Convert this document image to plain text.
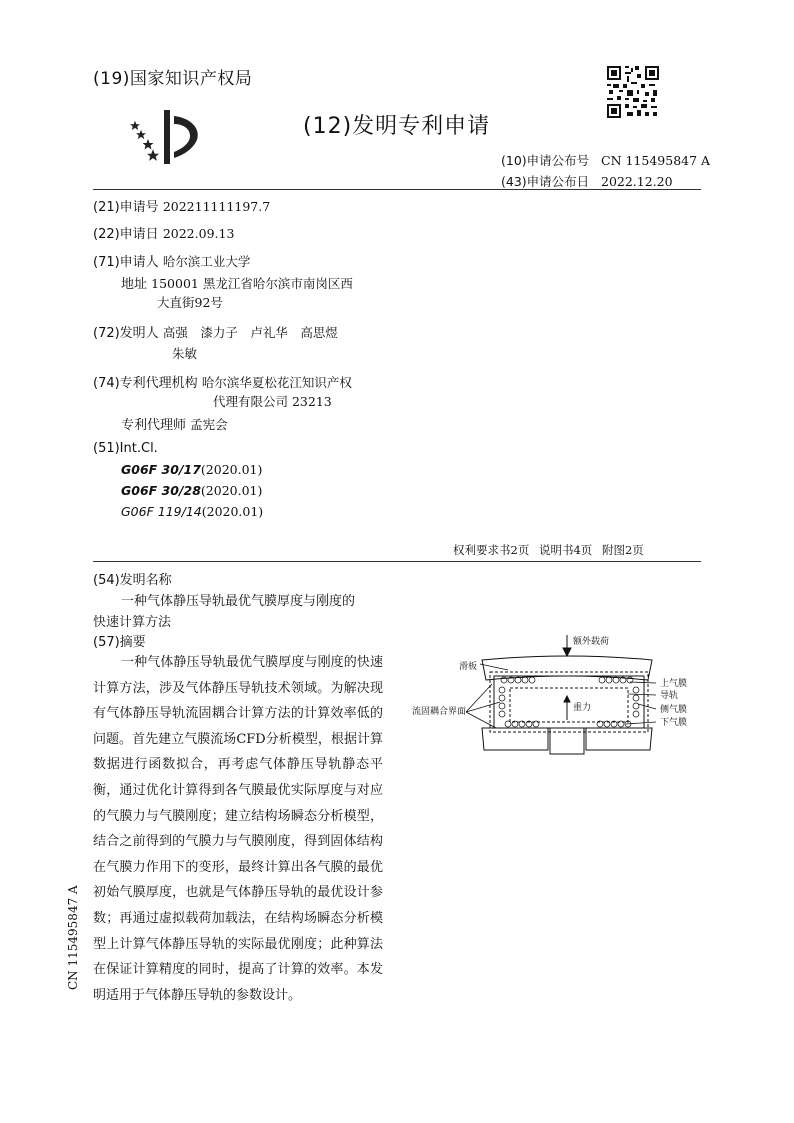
(19)国家知识产权局
(12)发明专利申请
(10)申请公布号 CN 115495847 A
(43)申请公布日 2022.12.20
(21)申请号 202211111197.7
(22)申请日 2022.09.13
(71)申请人 哈尔滨工业大学
地址 150001 黑龙江省哈尔滨市南岗区西
大直街92号
(72)发明人 高强　漆力子　卢礼华　高思煜
朱敏
(74)专利代理机构 哈尔滨华夏松花江知识产权
代理有限公司 23213
专利代理师 孟宪会
(51)Int.Cl.
G06F 30/17(2020.01)
G06F 30/28(2020.01)
G06F 119/14(2020.01)
权利要求书2页 说明书4页 附图2页
(54)发明名称
一种气体静压导轨最优气膜厚度与刚度的
快速计算方法
(57)摘要
一种气体静压导轨最优气膜厚度与刚度的快速计算方法，涉及气体静压导轨技术领域。为解决现有气体静压导轨流固耦合计算方法的计算效率低的问题。首先建立气膜流场CFD分析模型，根据计算数据进行函数拟合，再考虑气体静压导轨静态平衡，通过优化计算得到各气膜最优实际厚度与对应的气膜力与气膜刚度；建立结构场瞬态分析模型，结合之前得到的气膜力与气膜刚度，得到固体结构在气膜力作用下的变形，最终计算出各气膜的最优初始气膜厚度，也就是气体静压导轨的最优设计参数；再通过虚拟载荷加载法，在结构场瞬态分析模型上计算气体静压导轨的实际最优刚度；此种算法在保证计算精度的同时，提高了计算的效率。本发明适用于气体静压导轨的参数设计。
额外载荷
滑板
流固耦合界面	重力
上气膜
导轨
侧气膜
下气膜
CN 115495847 A
